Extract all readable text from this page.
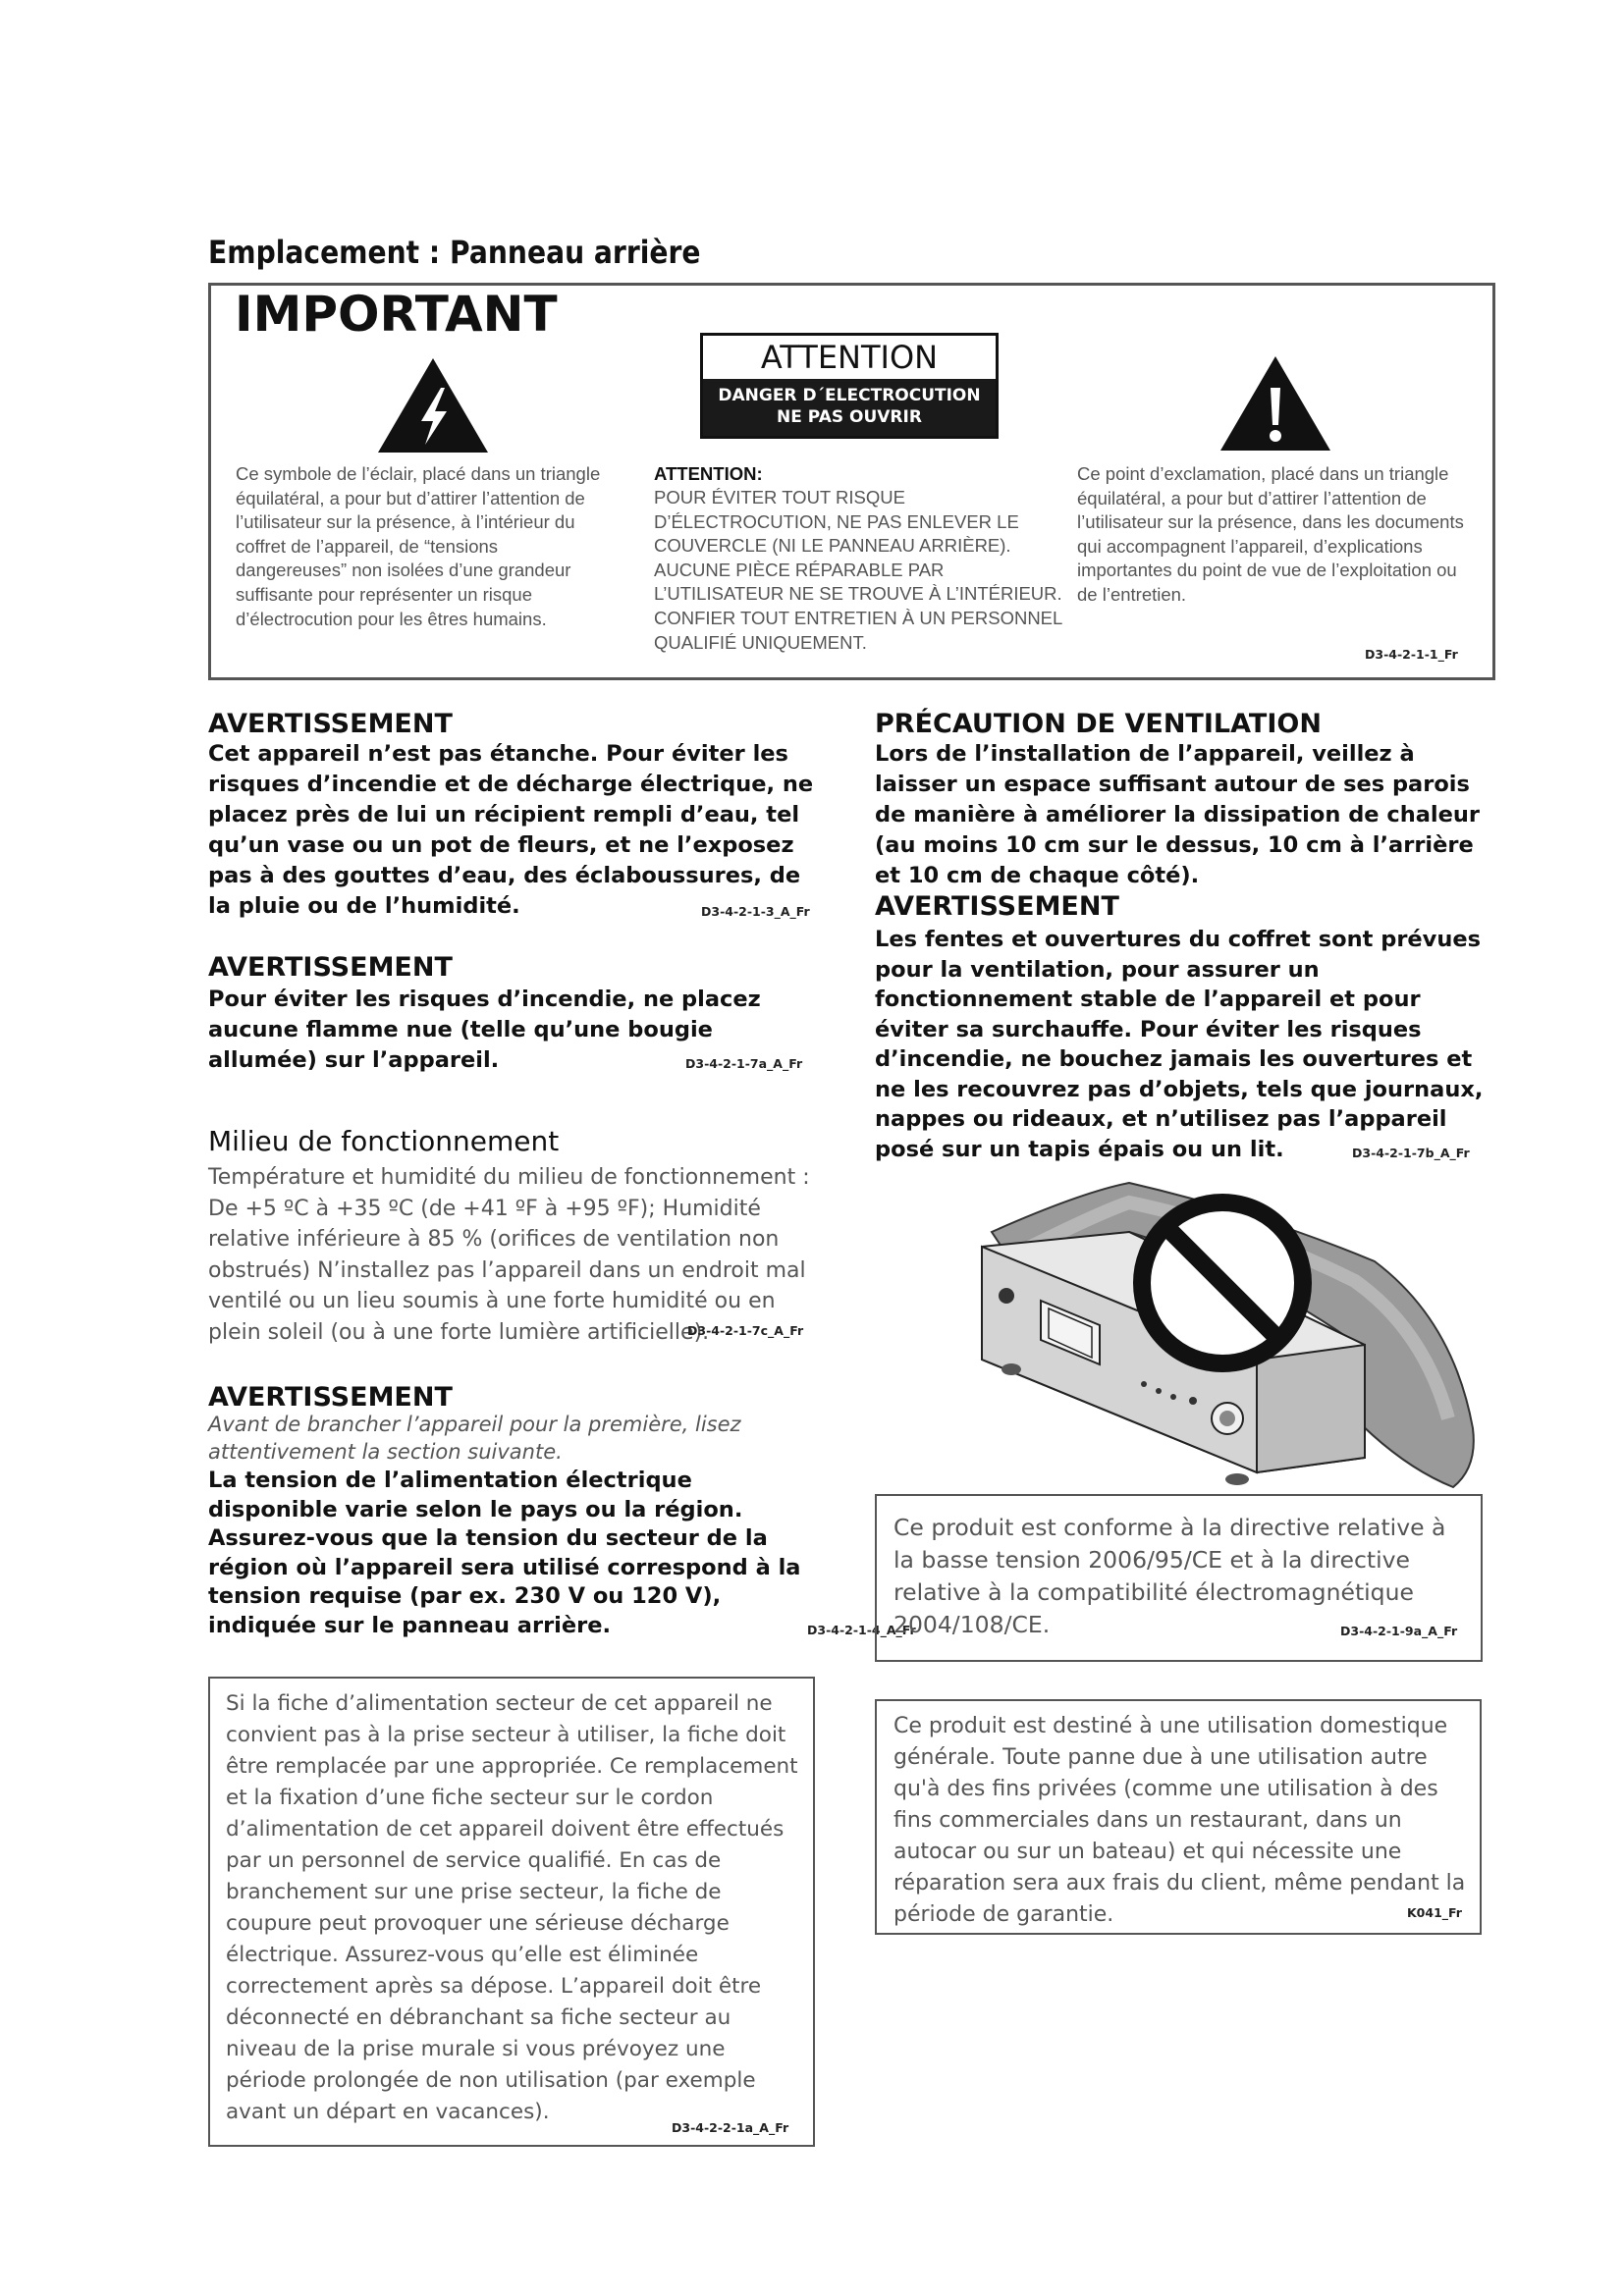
Emplacement : Panneau arrière
IMPORTANT
ATTENTION
DANGER D´ELECTROCUTION
NE PAS OUVRIR
Ce symbole de l’éclair, placé dans un triangle équilatéral, a pour but d’attirer l’attention de l’utilisateur sur la présence, à l’intérieur du coffret de l’appareil, de “tensions dangereuses” non isolées d’une grandeur suffisante pour représenter un risque d’électrocution pour les êtres humains.
ATTENTION:
POUR ÉVITER TOUT RISQUE D’ÉLECTROCUTION, NE PAS ENLEVER LE COUVERCLE (NI LE PANNEAU ARRIÈRE). AUCUNE PIÈCE RÉPARABLE PAR L’UTILISATEUR NE SE TROUVE À L’INTÉRIEUR. CONFIER TOUT ENTRETIEN À UN PERSONNEL QUALIFIÉ UNIQUEMENT.
Ce point d’exclamation, placé dans un triangle équilatéral, a pour but d’attirer l’attention de l’utilisateur sur la présence, dans les documents qui accompagnent l’appareil, d’explications importantes du point de vue de l’exploitation ou de l’entretien.
D3-4-2-1-1_Fr
AVERTISSEMENT
Cet appareil n’est pas étanche. Pour éviter les risques d’incendie et de décharge électrique, ne placez près de lui un récipient rempli d’eau, tel qu’un vase ou un pot de fleurs, et ne l’exposez pas à des gouttes d’eau, des éclaboussures, de la pluie ou de l’humidité.	D3-4-2-1-3_A_Fr
AVERTISSEMENT
Pour éviter les risques d’incendie, ne placez aucune flamme nue (telle qu’une bougie allumée) sur l’appareil.	D3-4-2-1-7a_A_Fr
Milieu de fonctionnement
Température et humidité du milieu de fonctionnement : De +5 ºC à +35 ºC (de +41 ºF à +95 ºF); Humidité relative inférieure à 85 % (orifices de ventilation non obstrués) N’installez pas l’appareil dans un endroit mal ventilé ou un lieu soumis à une forte humidité ou en plein soleil (ou à une forte lumière artificielle).
D3-4-2-1-7c_A_Fr
AVERTISSEMENT
Avant de brancher l’appareil pour la première, lisez attentivement la section suivante.
La tension de l’alimentation électrique disponible varie selon le pays ou la région. Assurez-vous que la tension du secteur de la région où l’appareil sera utilisé correspond à la tension requise (par ex. 230 V ou 120 V), indiquée sur le panneau arrière.	D3-4-2-1-4_A_Fr
Si la fiche d’alimentation secteur de cet appareil ne convient pas à la prise secteur à utiliser, la fiche doit être remplacée par une appropriée. Ce remplacement et la fixation d’une fiche secteur sur le cordon d’alimentation de cet appareil doivent être effectués par un personnel de service qualifié. En cas de branchement sur une prise secteur, la fiche de coupure peut provoquer une sérieuse décharge électrique. Assurez-vous qu’elle est éliminée correctement après sa dépose. L’appareil doit être déconnecté en débranchant sa fiche secteur au niveau de la prise murale si vous prévoyez une période prolongée de non utilisation (par exemple avant un départ en vacances).
D3-4-2-2-1a_A_Fr
PRÉCAUTION DE VENTILATION
Lors de l’installation de l’appareil, veillez à laisser un espace suffisant autour de ses parois de manière à améliorer la dissipation de chaleur (au moins 10 cm sur le dessus, 10 cm à l’arrière et 10 cm de chaque côté).
AVERTISSEMENT
Les fentes et ouvertures du coffret sont prévues pour la ventilation, pour assurer un fonctionnement stable de l’appareil et pour éviter sa surchauffe. Pour éviter les risques d’incendie, ne bouchez jamais les ouvertures et ne les recouvrez pas d’objets, tels que journaux, nappes ou rideaux, et n’utilisez pas l’appareil posé sur un tapis épais ou un lit.	D3-4-2-1-7b_A_Fr
Ce produit est conforme à la directive relative à la basse tension 2006/95/CE et à la directive relative à la compatibilité électromagnétique 2004/108/CE.	D3-4-2-1-9a_A_Fr
Ce produit est destiné à une utilisation domestique générale. Toute panne due à une utilisation autre qu'à des fins privées (comme une utilisation à des fins commerciales dans un restaurant, dans un autocar ou sur un bateau) et qui nécessite une réparation sera aux frais du client, même pendant la période de garantie.	K041_Fr
